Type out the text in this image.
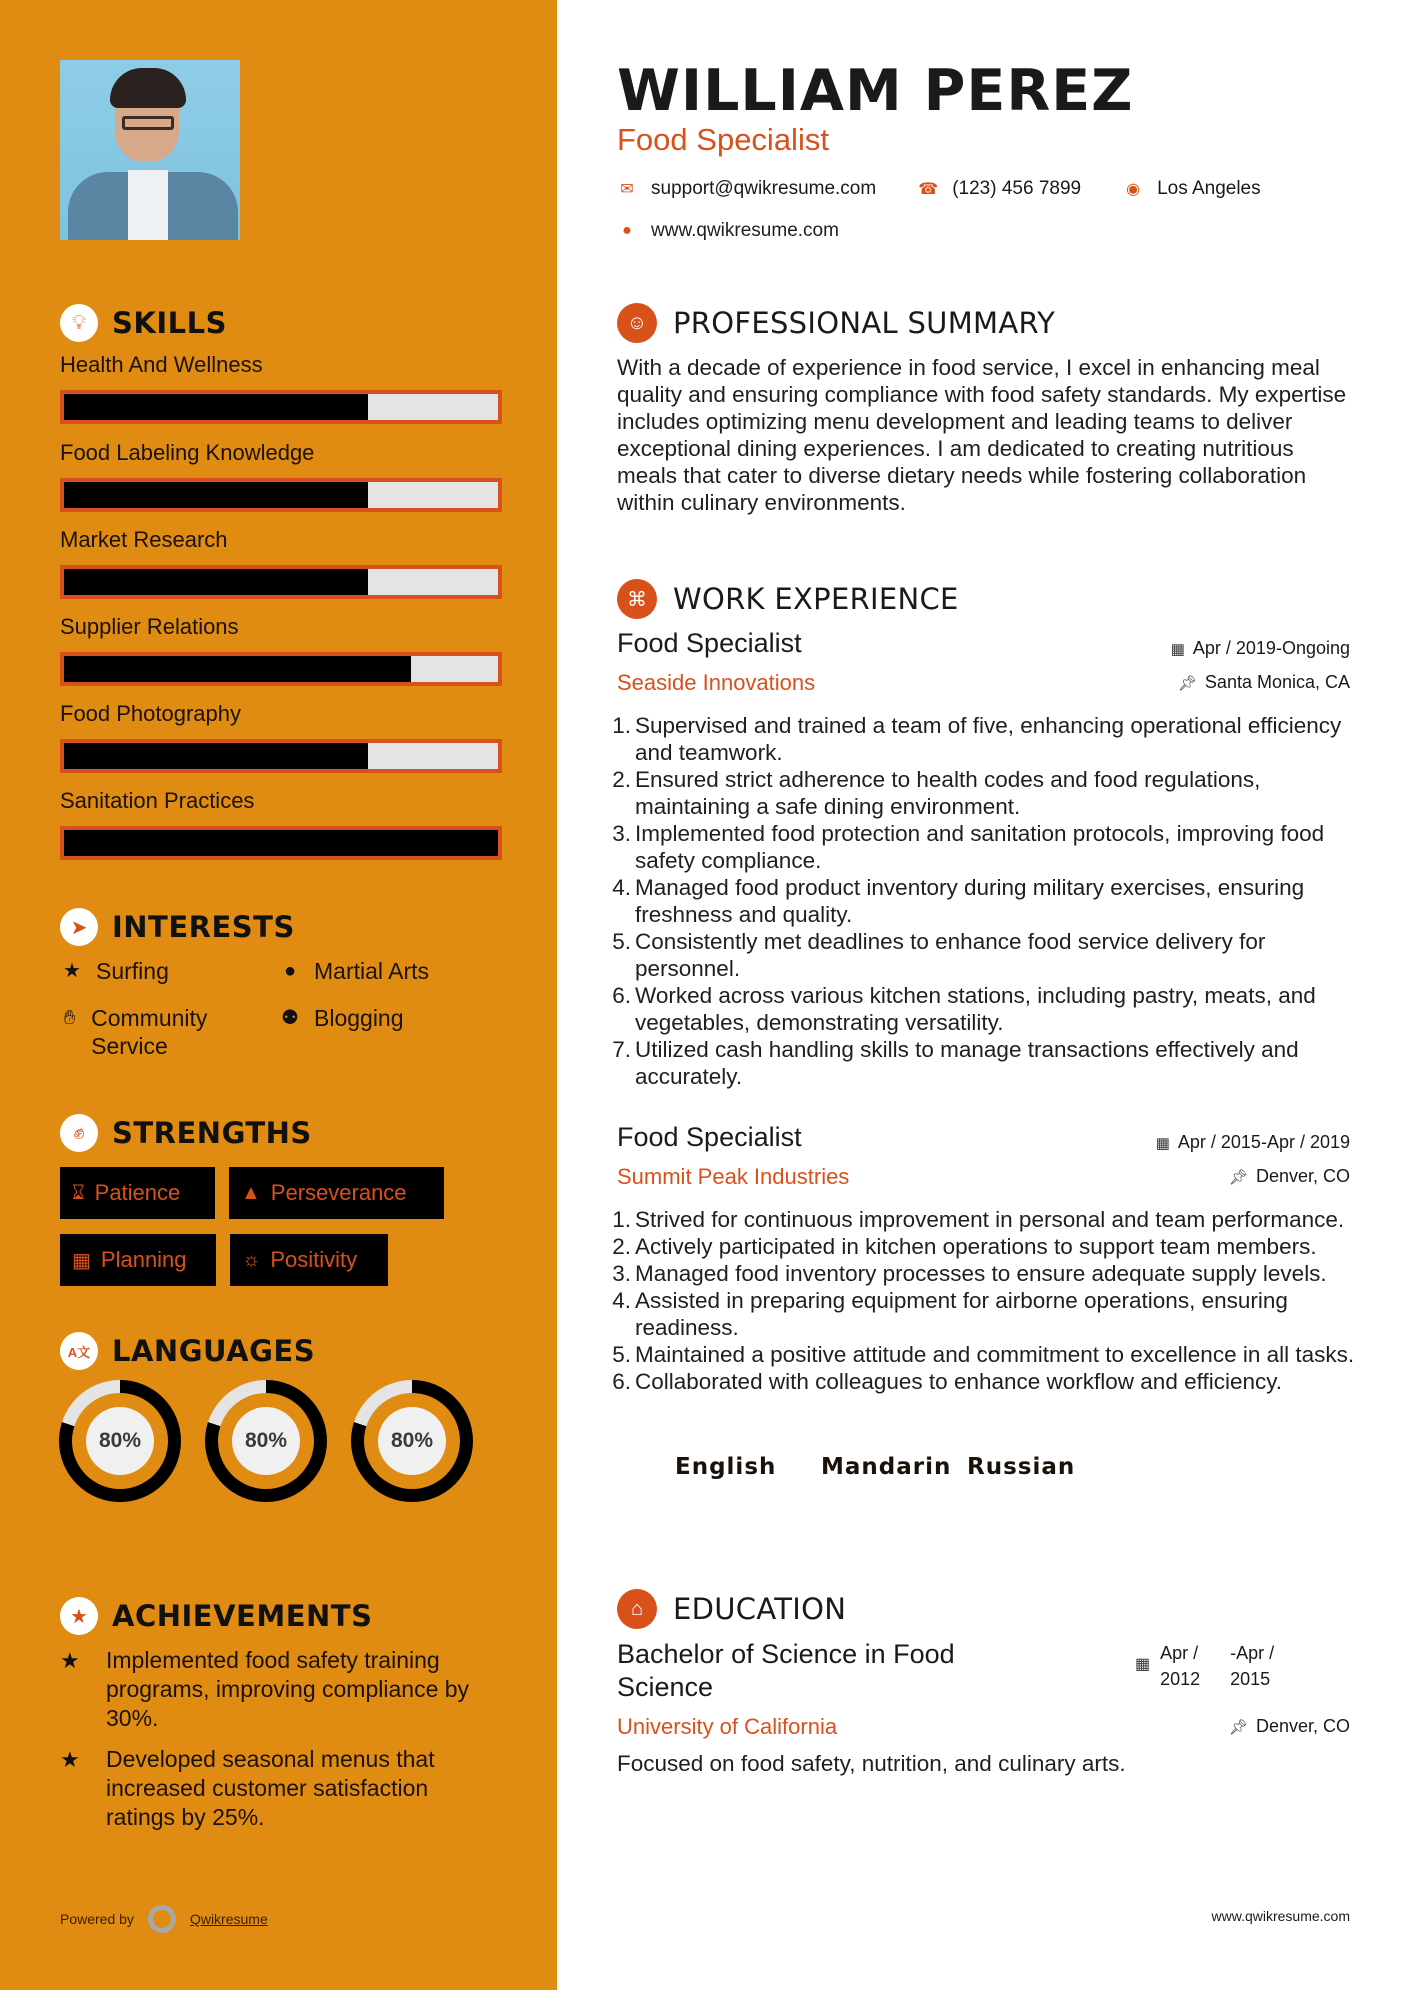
💡︎ SKILLS
Health And Wellness
Food Labeling Knowledge
Market Research
Supplier Relations
Food Photography
Sanitation Practices
➤ INTERESTS
★ Surfing	● Martial Arts
✋︎ Community Service
⚉ Blogging
✊︎ STRENGTHS
⌛︎ Patience	▲ Perseverance
▦ Planning	☼ Positivity
A文 LANGUAGES
80%
English
80%
Mandarin
80%
Russian
★ ACHIEVEMENTS
★	Implemented food safety training programs, improving compliance by 30%.
★	Developed seasonal menus that increased customer satisfaction ratings by 25%.
Powered by	Qwikresume
WILLIAM PEREZ
Food Specialist
✉ support@qwikresume.com	☎ (123) 456 7899	◉ Los Angeles
● www.qwikresume.com
☺ PROFESSIONAL SUMMARY
With a decade of experience in food service, I excel in enhancing meal quality and ensuring compliance with food safety standards. My expertise includes optimizing menu development and leading teams to deliver exceptional dining experiences. I am dedicated to creating nutritious meals that cater to diverse dietary needs while fostering collaboration within culinary environments.
⌘ WORK EXPERIENCE
Food Specialist	▦ Apr / 2019-Ongoing
Seaside Innovations	📌︎ Santa Monica, CA
1. Supervised and trained a team of five, enhancing operational efficiency and teamwork.
2. Ensured strict adherence to health codes and food regulations, maintaining a safe dining environment.
3. Implemented food protection and sanitation protocols, improving food safety compliance.
4. Managed food product inventory during military exercises, ensuring freshness and quality.
5. Consistently met deadlines to enhance food service delivery for personnel.
6. Worked across various kitchen stations, including pastry, meats, and vegetables, demonstrating versatility.
7. Utilized cash handling skills to manage transactions effectively and accurately.
Food Specialist	▦ Apr / 2015-Apr / 2019
Summit Peak Industries	📌︎ Denver, CO
1. Strived for continuous improvement in personal and team performance.
2. Actively participated in kitchen operations to support team members.
3. Managed food inventory processes to ensure adequate supply levels.
4. Assisted in preparing equipment for airborne operations, ensuring readiness.
5. Maintained a positive attitude and commitment to excellence in all tasks.
6. Collaborated with colleagues to enhance workflow and efficiency.
⌂	EDUCATION
Bachelor of Science in Food Science
▦
Apr /
2012
-Apr /
2015
University of California	📌︎ Denver, CO
Focused on food safety, nutrition, and culinary arts.
www.qwikresume.com
